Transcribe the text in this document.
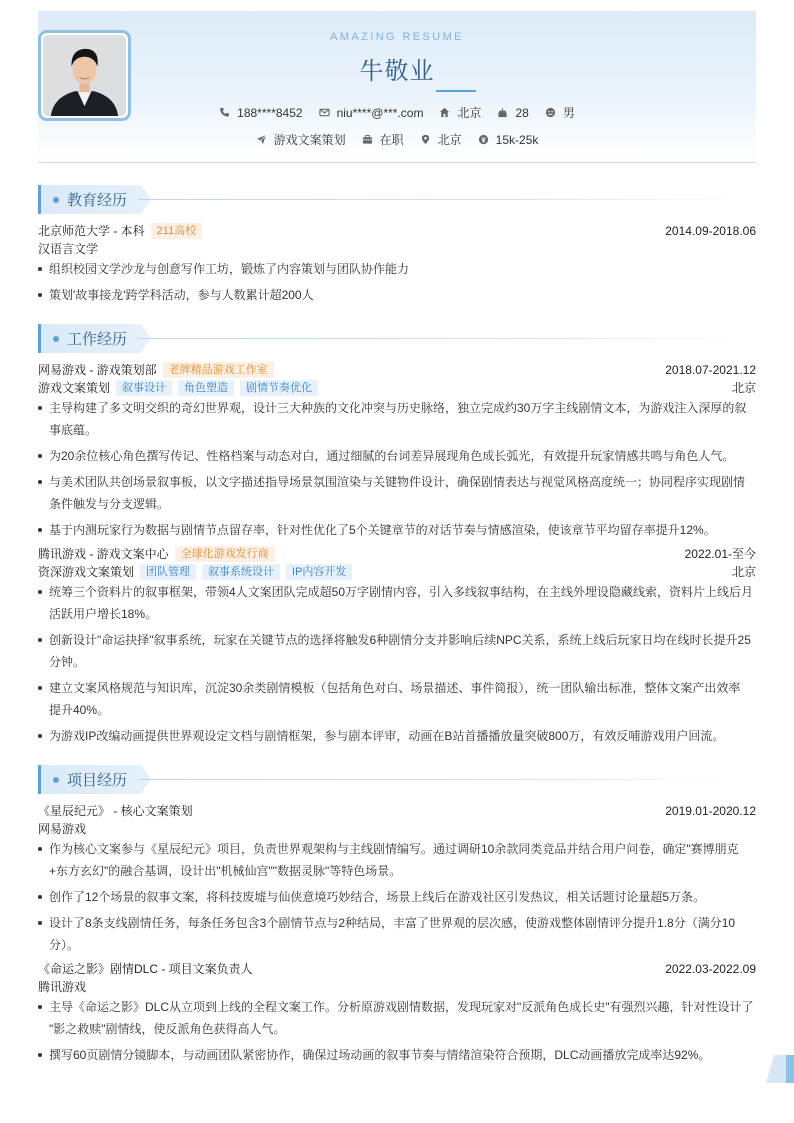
AMAZING RESUME
牛敬业
188****8452	niu****@***.com	北京	28	男
游戏文案策划	在职	北京	15k-25k
教育经历
北京师范大学 - 本科	211高校	2014.09-2018.06
汉语言文学
组织校园文学沙龙与创意写作工坊，锻炼了内容策划与团队协作能力
策划'故事接龙'跨学科活动，参与人数累计超200人
工作经历
网易游戏 - 游戏策划部	老牌精品游戏工作室	2018.07-2021.12
游戏文案策划	叙事设计	角色塑造	剧情节奏优化	北京
主导构建了多文明交织的奇幻世界观，设计三大种族的文化冲突与历史脉络，独立完成约30万字主线剧情文本，为游戏注入深厚的叙
事底蕴。
为20余位核心角色撰写传记、性格档案与动态对白，通过细腻的台词差异展现角色成长弧光，有效提升玩家情感共鸣与角色人气。
与美术团队共创场景叙事板，以文字描述指导场景氛围渲染与关键物件设计，确保剧情表达与视觉风格高度统一；协同程序实现剧情
条件触发与分支逻辑。
基于内测玩家行为数据与剧情节点留存率，针对性优化了5个关键章节的对话节奏与情感渲染，使该章节平均留存率提升12%。
腾讯游戏 - 游戏文案中心	全球化游戏发行商	2022.01-至今
资深游戏文案策划	团队管理	叙事系统设计	IP内容开发	北京
统筹三个资料片的叙事框架，带领4人文案团队完成超50万字剧情内容，引入多线叙事结构，在主线外埋设隐藏线索，资料片上线后月
活跃用户增长18%。
创新设计"命运抉择"叙事系统，玩家在关键节点的选择将触发6种剧情分支并影响后续NPC关系，系统上线后玩家日均在线时长提升25
分钟。
建立文案风格规范与知识库，沉淀30余类剧情模板（包括角色对白、场景描述、事件简报），统一团队输出标准，整体文案产出效率
提升40%。
为游戏IP改编动画提供世界观设定文档与剧情框架，参与剧本评审，动画在B站首播播放量突破800万，有效反哺游戏用户回流。
项目经历
《星辰纪元》 - 核心文案策划	2019.01-2020.12
网易游戏
作为核心文案参与《星辰纪元》项目，负责世界观架构与主线剧情编写。通过调研10余款同类竞品并结合用户问卷，确定"赛博朋克
+东方玄幻"的融合基调，设计出"机械仙宫""数据灵脉"等特色场景。
创作了12个场景的叙事文案，将科技废墟与仙侠意境巧妙结合，场景上线后在游戏社区引发热议，相关话题讨论量超5万条。
设计了8条支线剧情任务，每条任务包含3个剧情节点与2种结局，丰富了世界观的层次感，使游戏整体剧情评分提升1.8分（满分10
分）。
《命运之影》剧情DLC - 项目文案负责人	2022.03-2022.09
腾讯游戏
主导《命运之影》DLC从立项到上线的全程文案工作。分析原游戏剧情数据，发现玩家对"反派角色成长史"有强烈兴趣，针对性设计了
"影之救赎"剧情线，使反派角色获得高人气。
撰写60页剧情分镜脚本，与动画团队紧密协作，确保过场动画的叙事节奏与情绪渲染符合预期，DLC动画播放完成率达92%。
